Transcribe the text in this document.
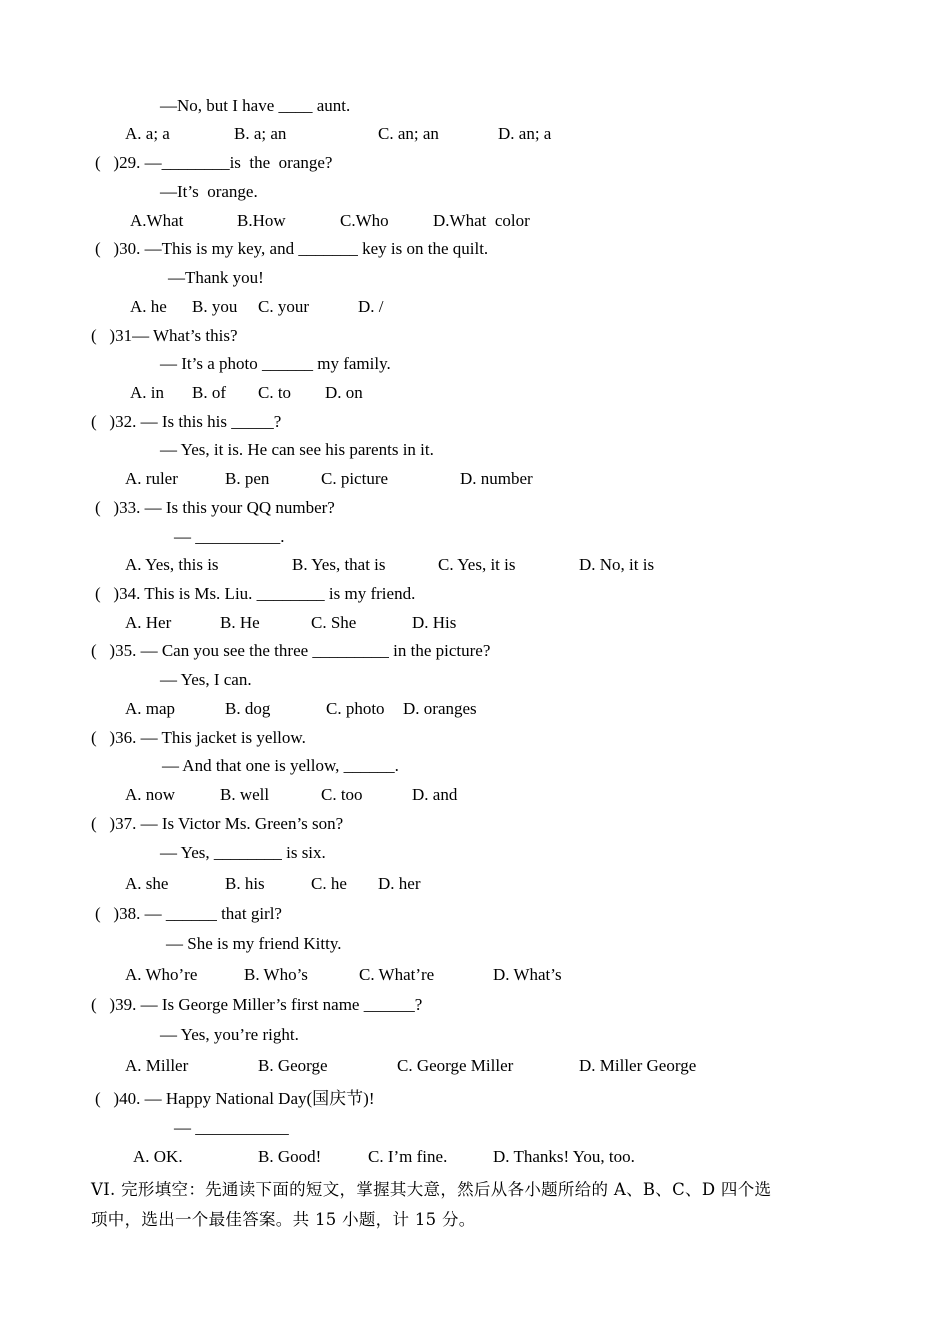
—No, but I have ____ aunt.
A. a; a	B. a; an	C. an; an	D. an; a
(   )29. —________is  the  orange?
—It’s  orange.
A.What	B.How	C.Who	D.What  color
(   )30. —This is my key, and _______ key is on the quilt.
—Thank you!
A. he B. you C. your	D. /
(   )31— What’s this?
— It’s a photo ______ my family.
A. in B. of C. to D. on
(   )32. — Is this his _____?
— Yes, it is. He can see his parents in it.
A. ruler	B. pen	C. picture	D. number
(   )33. — Is this your QQ number?
— __________.
A. Yes, this is	B. Yes, that is	C. Yes, it is	D. No, it is
(   )34. This is Ms. Liu. ________ is my friend.
A. Her	B. He	C. She	D. His
(   )35. — Can you see the three _________ in the picture?
— Yes, I can.
A. map	B. dog	C. photo D. oranges
(   )36. — This jacket is yellow.
— And that one is yellow, ______.
A. now	B. well	C. too	D. and
(   )37. — Is Victor Ms. Green’s son?
— Yes, ________ is six.
A. she	B. his	C. he D. her
(   )38. — ______ that girl?
— She is my friend Kitty.
A. Who’re	B. Who’s	C. What’re	D. What’s
(   )39. — Is George Miller’s first name ______?
— Yes, you’re right.
A. Miller	B. George	C. George Miller	D. Miller George
(   )40. — Happy National Day(国庆节)!
— ___________
A. OK.	B. Good!	C. I’m fine.	D. Thanks! You, too.
VI. 完形填空：先通读下面的短文，掌握其大意，然后从各小题所给的 A、B、C、D 四个选
项中，选出一个最佳答案。共 15 小题，计 15 分。
